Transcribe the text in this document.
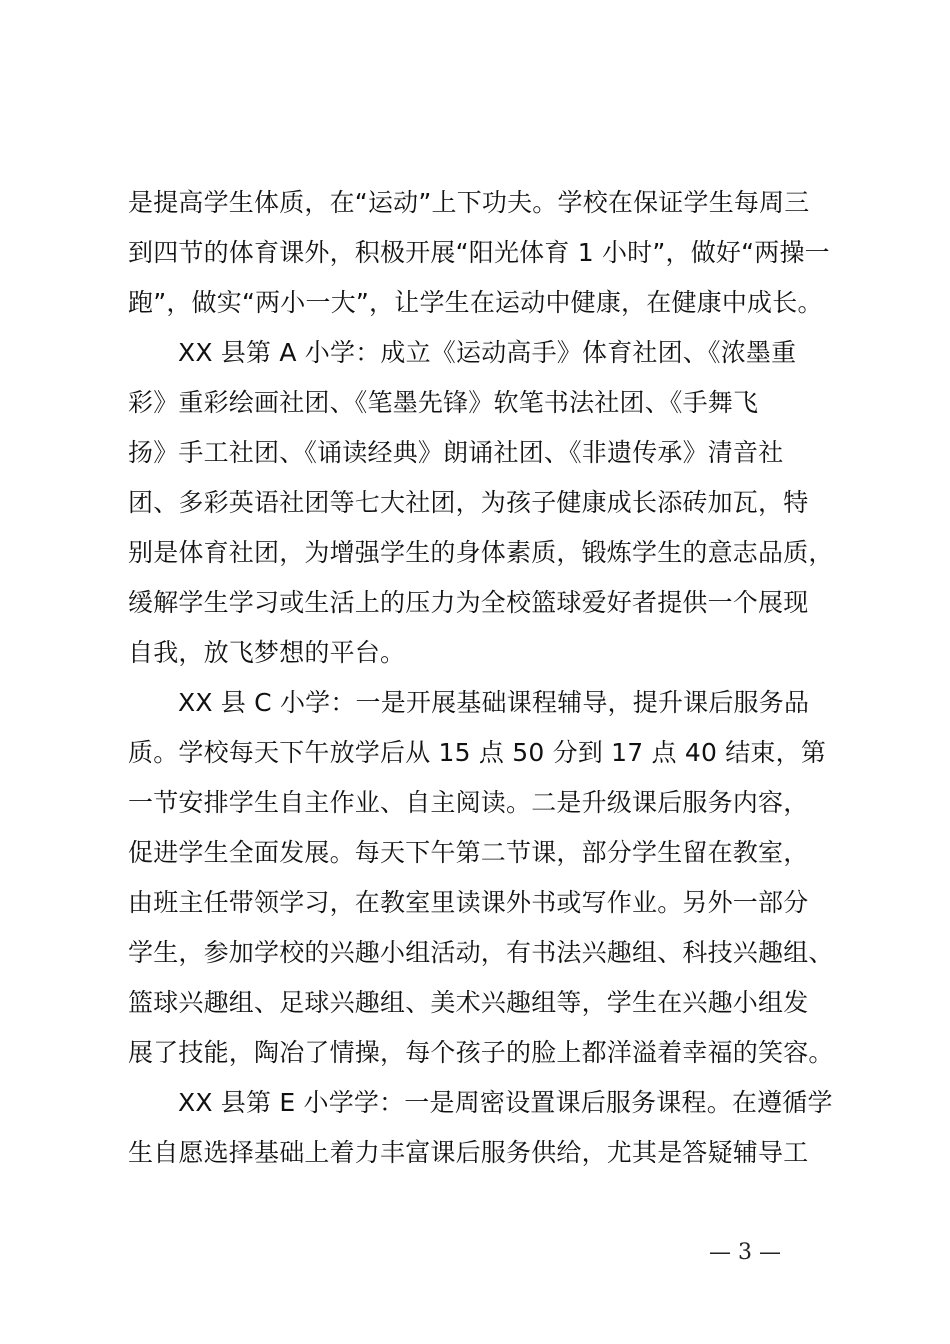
是提高学生体质，在“运动”上下功夫。学校在保证学生每周三
到四节的体育课外，积极开展“阳光体育 1 小时”，做好“两操一
跑”，做实“两小一大”，让学生在运动中健康，在健康中成长。
XX 县第 A 小学：成立《运动高手》体育社团、《浓墨重
彩》重彩绘画社团、《笔墨先锋》软笔书法社团、《手舞飞
扬》手工社团、《诵读经典》朗诵社团、《非遗传承》清音社
团、多彩英语社团等七大社团，为孩子健康成长添砖加瓦，特
别是体育社团，为增强学生的身体素质，锻炼学生的意志品质，
缓解学生学习或生活上的压力为全校篮球爱好者提供一个展现
自我，放飞梦想的平台。
XX 县 C 小学：一是开展基础课程辅导，提升课后服务品
质。学校每天下午放学后从 15 点 50 分到 17 点 40 结束，第
一节安排学生自主作业、自主阅读。二是升级课后服务内容，
促进学生全面发展。每天下午第二节课，部分学生留在教室，
由班主任带领学习，在教室里读课外书或写作业。另外一部分
学生，参加学校的兴趣小组活动，有书法兴趣组、科技兴趣组、
篮球兴趣组、足球兴趣组、美术兴趣组等，学生在兴趣小组发
展了技能，陶冶了情操，每个孩子的脸上都洋溢着幸福的笑容。
XX 县第 E 小学学：一是周密设置课后服务课程。在遵循学
生自愿选择基础上着力丰富课后服务供给，尤其是答疑辅导工
— 3 —
